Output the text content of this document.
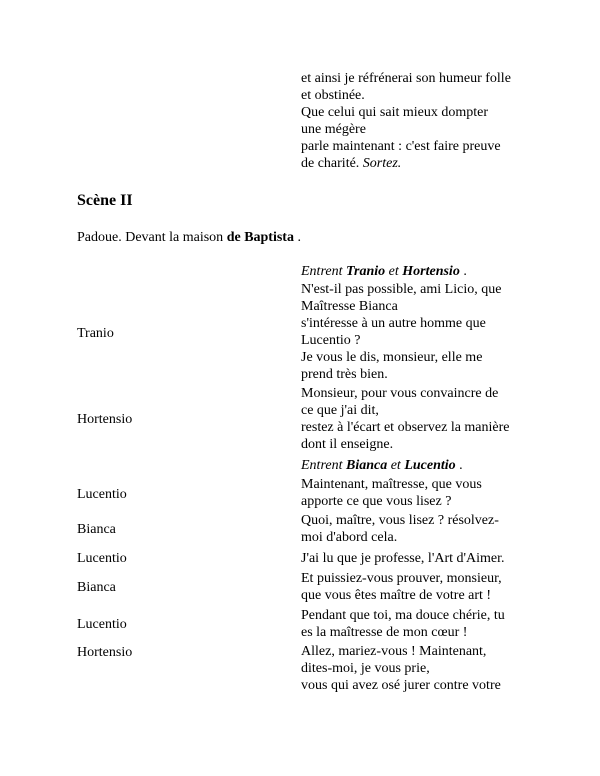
et ainsi je réfrénerai son humeur folle
et obstinée.
Que celui qui sait mieux dompter
une mégère
parle maintenant : c'est faire preuve
de charité. Sortez.
Scène II
Padoue. Devant la maison de Baptista .
Entrent Tranio et Hortensio .
Tranio
N'est-il pas possible, ami Licio, que
Maîtresse Bianca
s'intéresse à un autre homme que
Lucentio ?
Je vous le dis, monsieur, elle me
prend très bien.
Hortensio
Monsieur, pour vous convaincre de
ce que j'ai dit,
restez à l'écart et observez la manière
dont il enseigne.
Entrent Bianca et Lucentio .
Lucentio
Maintenant, maîtresse, que vous
apporte ce que vous lisez ?
Bianca
Quoi, maître, vous lisez ? résolvez-
moi d'abord cela.
Lucentio	J'ai lu que je professe, l'Art d'Aimer.
Bianca
Et puissiez-vous prouver, monsieur,
que vous êtes maître de votre art !
Lucentio
Pendant que toi, ma douce chérie, tu
es la maîtresse de mon cœur !
Hortensio	Allez, mariez-vous ! Maintenant,
dites-moi, je vous prie,
vous qui avez osé jurer contre votre
